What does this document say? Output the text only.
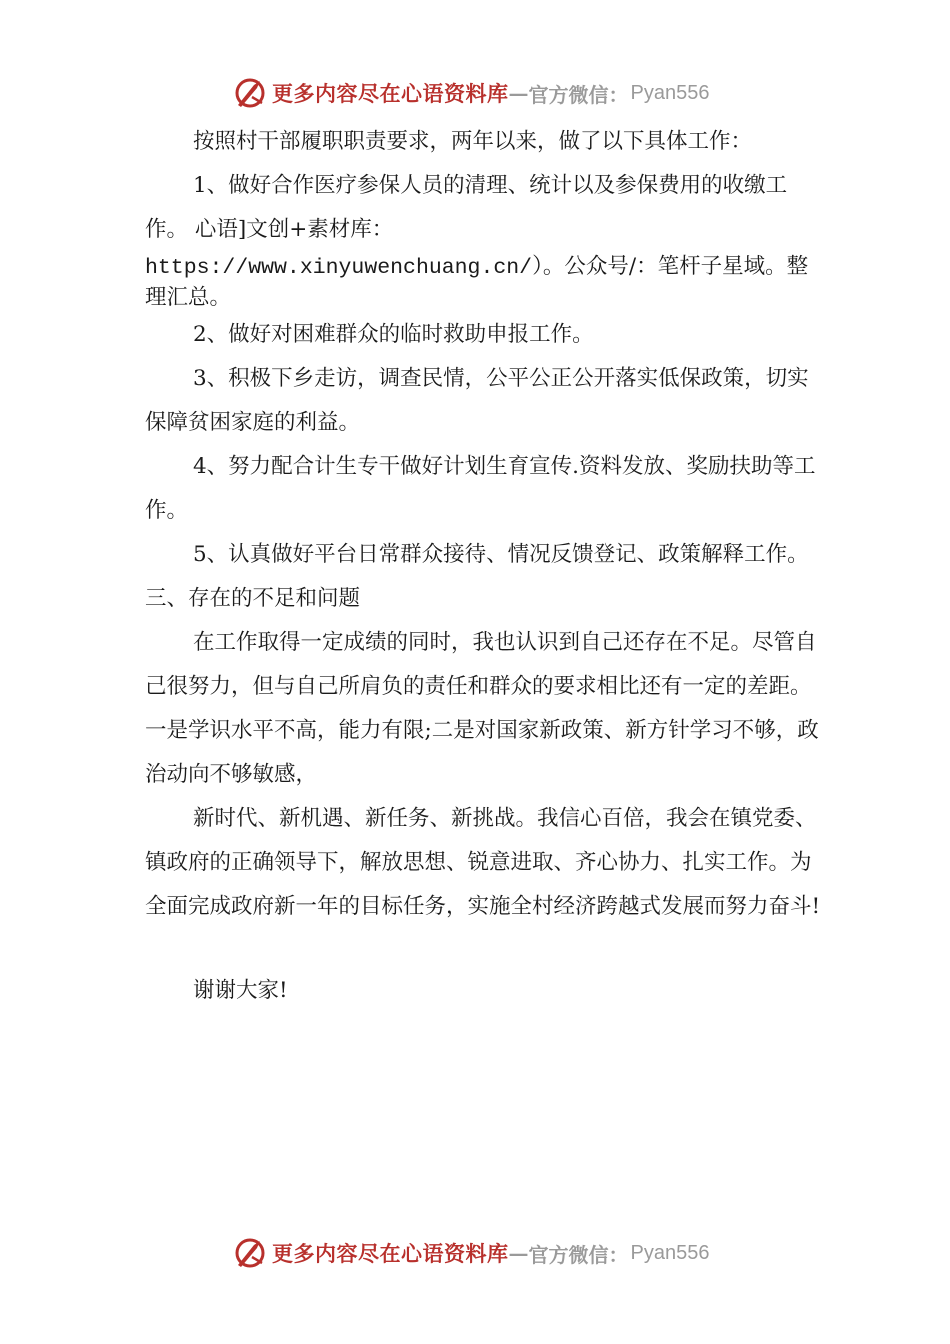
更多内容尽在心语资料库 — 官方微信： Pyan556

按照村干部履职职责要求，两年以来，做了以下具体工作：

1、做好合作医疗参保人员的清理、统计以及参保费用的收缴工作。 心语]文创+素材库：

https://www.xinyuwenchuang.cn/）。公众号/：笔杆子星域。整理汇总。

2、做好对困难群众的临时救助申报工作。

3、积极下乡走访，调查民情，公平公正公开落实低保政策，切实保障贫困家庭的利益。

4、努力配合计生专干做好计划生育宣传.资料发放、奖励扶助等工作。

5、认真做好平台日常群众接待、情况反馈登记、政策解释工作。

三、存在的不足和问题

在工作取得一定成绩的同时，我也认识到自己还存在不足。尽管自己很努力，但与自己所肩负的责任和群众的要求相比还有一定的差距。一是学识水平不高，能力有限;二是对国家新政策、新方针学习不够，政治动向不够敏感，

新时代、新机遇、新任务、新挑战。我信心百倍，我会在镇党委、镇政府的正确领导下，解放思想、锐意进取、齐心协力、扎实工作。为全面完成政府新一年的目标任务，实施全村经济跨越式发展而努力奋斗!

谢谢大家!

更多内容尽在心语资料库 — 官方微信： Pyan556
